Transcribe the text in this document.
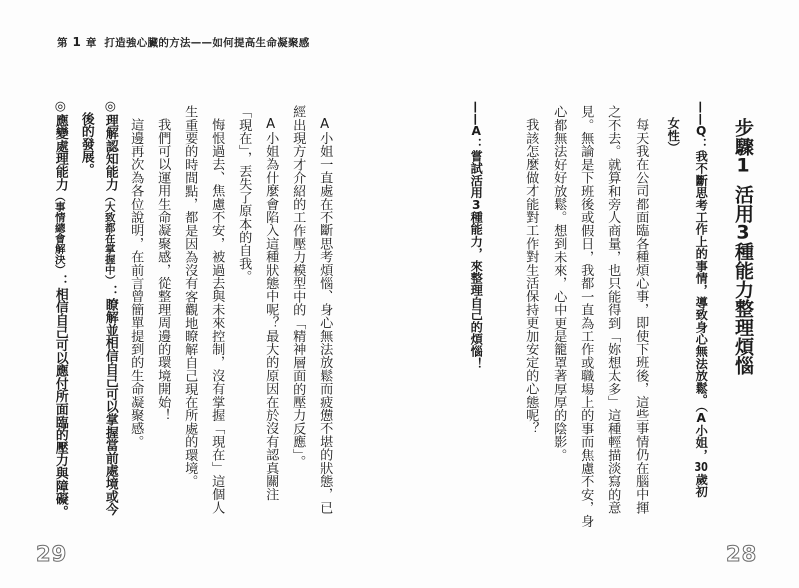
第 1 章 打造強心臟的方法——如何提高生命凝聚感
步驟1活用3種能力整理煩惱
——Q：我不斷思考工作上的事情，導致身心無法放鬆。（A小姐，30歲初
女性）
每天我在公司都面臨各種煩心事，即使下班後，這些事情仍在腦中揮
之不去。就算和旁人商量，也只能得到「妳想太多」這種輕描淡寫的意
見。無論是下班後或假日，我都一直為工作或職場上的事而焦慮不安，身
心都無法好好放鬆。想到未來，心中更是籠罩著厚厚的陰影。
我該怎麼做才能對工作對生活保持更加安定的心態呢？
——A：嘗試活用3種能力，來整理自己的煩惱！
28
A小姐一直處在不斷思考煩惱、身心無法放鬆而疲憊不堪的狀態，已
經出現方才介紹的工作壓力模型中的「精神層面的壓力反應」。
A小姐為什麼會陷入這種狀態中呢？最大的原因在於沒有認真關注
「現在」，丟失了原本的自我。
悔恨過去、焦慮不安，被過去與未來控制，沒有掌握「現在」這個人
生重要的時間點，都是因為沒有客觀地瞭解自己現在所處的環境。
我們可以運用生命凝聚感，從整理周邊的環境開始！
這邊再次為各位說明，在前言曾簡單提到的生命凝聚感。
◎理解認知能力（大致都在掌握中）：瞭解並相信自己可以掌握當前處境或今
後的發展。
◎應變處理能力（事情總會解決）：相信自己可以應付所面臨的壓力與障礙。
29
